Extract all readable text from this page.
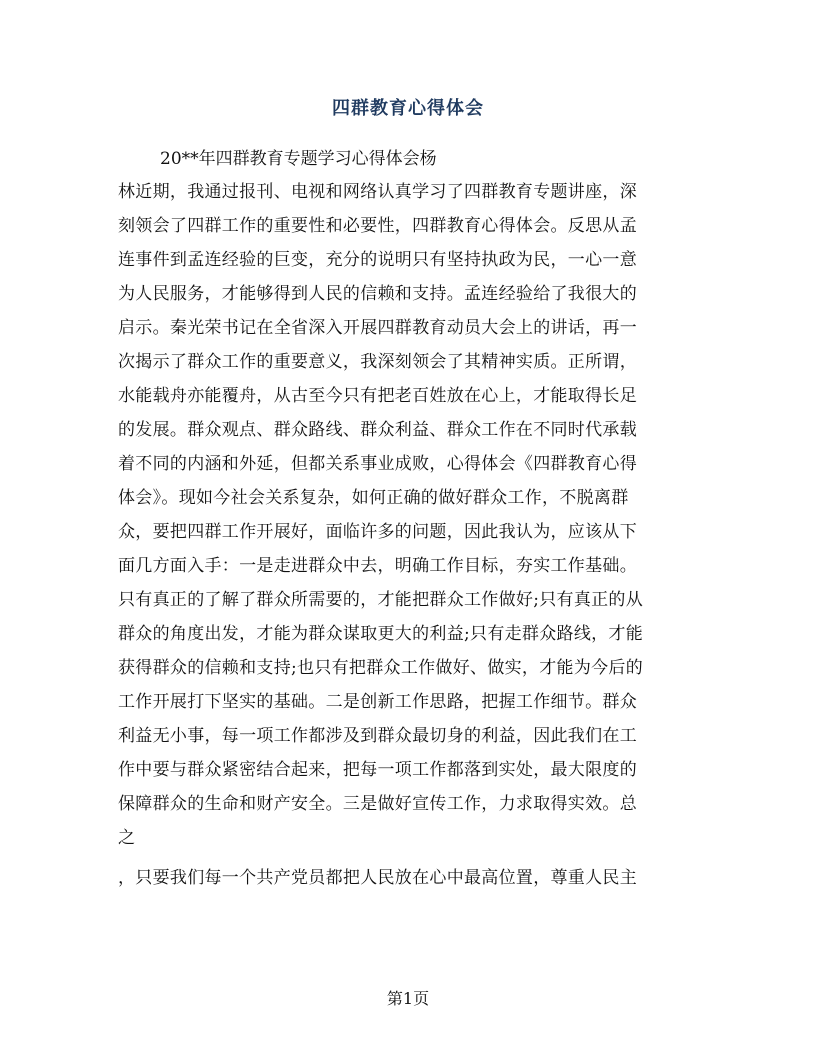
四群教育心得体会
20**年四群教育专题学习心得体会杨
林近期，我通过报刊、电视和网络认真学习了四群教育专题讲座，深
刻领会了四群工作的重要性和必要性，四群教育心得体会。反思从孟
连事件到孟连经验的巨变，充分的说明只有坚持执政为民，一心一意
为人民服务，才能够得到人民的信赖和支持。孟连经验给了我很大的
启示。秦光荣书记在全省深入开展四群教育动员大会上的讲话，再一
次揭示了群众工作的重要意义，我深刻领会了其精神实质。正所谓，
水能载舟亦能覆舟，从古至今只有把老百姓放在心上，才能取得长足
的发展。群众观点、群众路线、群众利益、群众工作在不同时代承载
着不同的内涵和外延，但都关系事业成败，心得体会《四群教育心得
体会》。现如今社会关系复杂，如何正确的做好群众工作，不脱离群
众，要把四群工作开展好，面临许多的问题，因此我认为，应该从下
面几方面入手：一是走进群众中去，明确工作目标，夯实工作基础。
只有真正的了解了群众所需要的，才能把群众工作做好;只有真正的从
群众的角度出发，才能为群众谋取更大的利益;只有走群众路线，才能
获得群众的信赖和支持;也只有把群众工作做好、做实，才能为今后的
工作开展打下坚实的基础。二是创新工作思路，把握工作细节。群众
利益无小事，每一项工作都涉及到群众最切身的利益，因此我们在工
作中要与群众紧密结合起来，把每一项工作都落到实处，最大限度的
保障群众的生命和财产安全。三是做好宣传工作，力求取得实效。总
之
，只要我们每一个共产党员都把人民放在心中最高位置，尊重人民主
第1页
